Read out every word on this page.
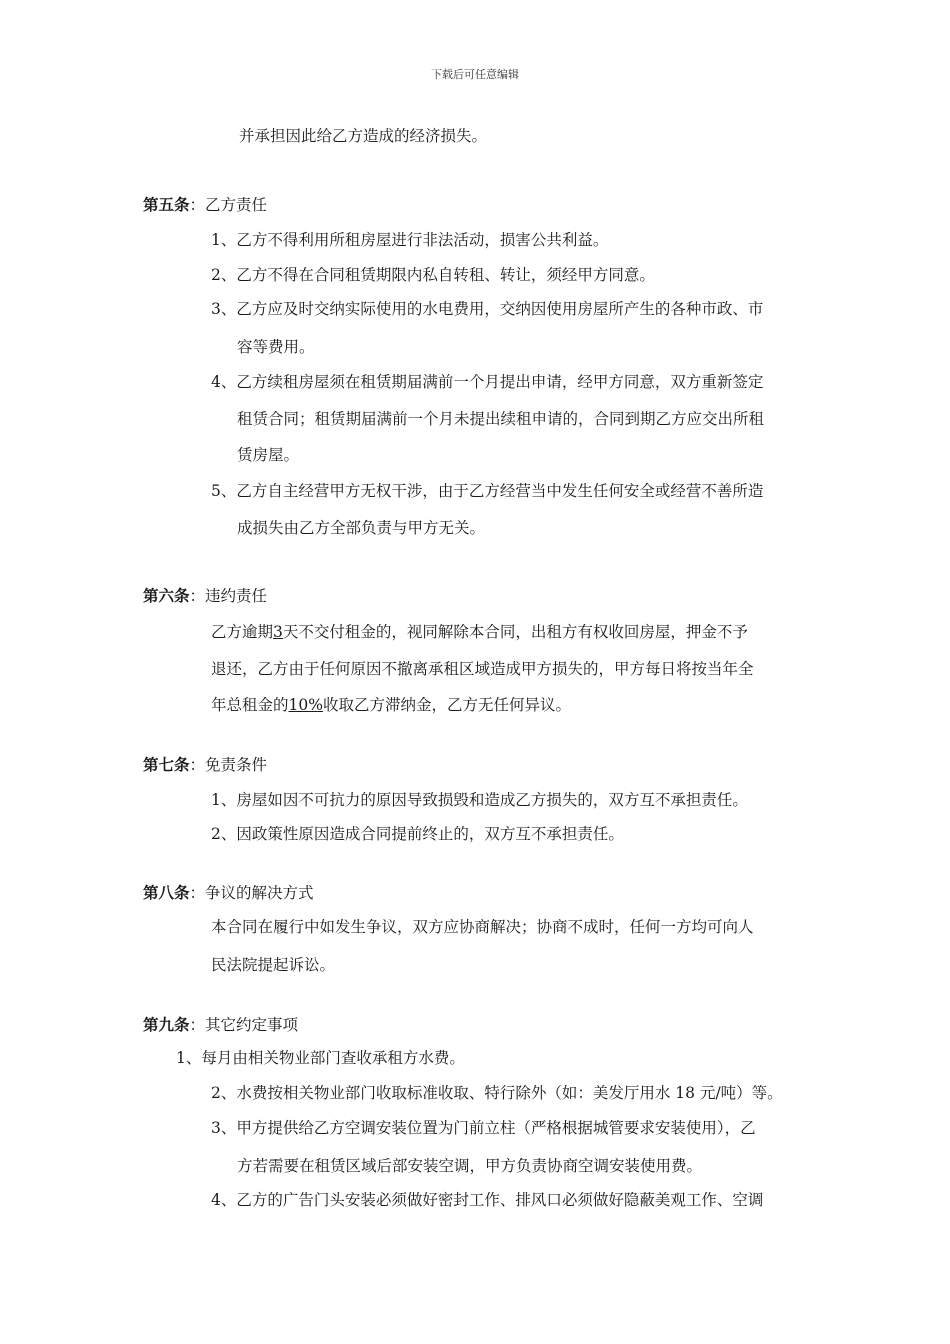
下载后可任意编辑
并承担因此给乙方造成的经济损失。
第五条：乙方责任
1、乙方不得利用所租房屋进行非法活动，损害公共利益。
2、乙方不得在合同租赁期限内私自转租、转让，须经甲方同意。
3、乙方应及时交纳实际使用的水电费用，交纳因使用房屋所产生的各种市政、市
容等费用。
4、乙方续租房屋须在租赁期届满前一个月提出申请，经甲方同意，双方重新签定
租赁合同；租赁期届满前一个月未提出续租申请的，合同到期乙方应交出所租
赁房屋。
5、乙方自主经营甲方无权干涉，由于乙方经营当中发生任何安全或经营不善所造
成损失由乙方全部负责与甲方无关。
第六条：违约责任
乙方逾期3天不交付租金的，视同解除本合同，出租方有权收回房屋，押金不予
退还，乙方由于任何原因不撤离承租区域造成甲方损失的，甲方每日将按当年全
年总租金的10%收取乙方滞纳金，乙方无任何异议。
第七条：免责条件
1、房屋如因不可抗力的原因导致损毁和造成乙方损失的，双方互不承担责任。
2、因政策性原因造成合同提前终止的，双方互不承担责任。
第八条：争议的解决方式
本合同在履行中如发生争议，双方应协商解决；协商不成时，任何一方均可向人
民法院提起诉讼。
第九条：其它约定事项
1、每月由相关物业部门查收承租方水费。
2、水费按相关物业部门收取标准收取、特行除外（如：美发厅用水 18 元/吨）等。
3、甲方提供给乙方空调安装位置为门前立柱（严格根据城管要求安装使用），乙
方若需要在租赁区域后部安装空调，甲方负责协商空调安装使用费。
4、乙方的广告门头安装必须做好密封工作、排风口必须做好隐蔽美观工作、空调
